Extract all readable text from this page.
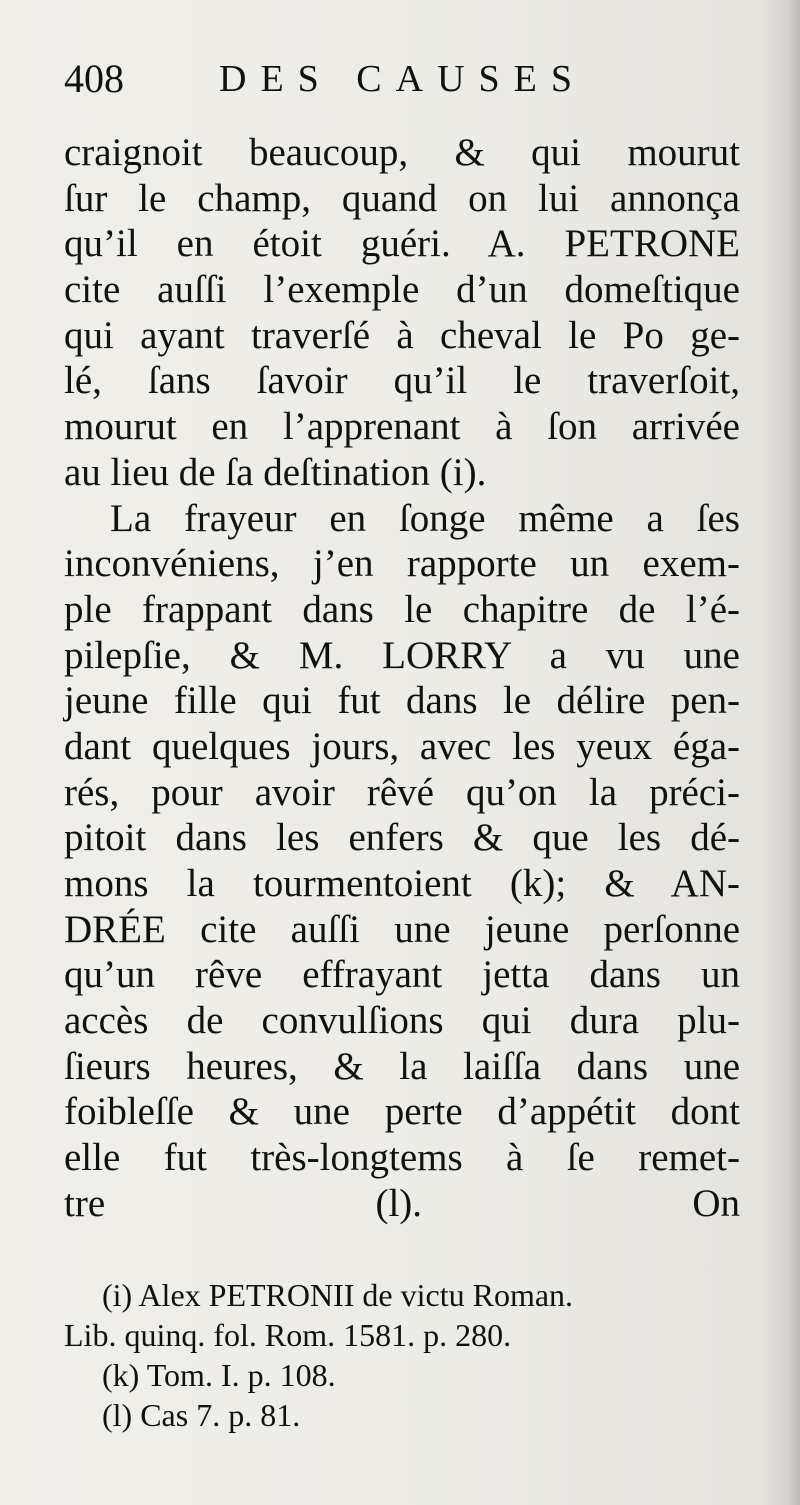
408	DES CAUSES
craignoit beaucoup, & qui mourut
ſur le champ, quand on lui annonça
qu’il en étoit guéri. A. PETRONE
cite auſſi l’exemple d’un domeſtique
qui ayant traverſé à cheval le Po ge-
lé, ſans ſavoir qu’il le traverſoit,
mourut en l’apprenant à ſon arrivée
au lieu de ſa deſtination (i).
La frayeur en ſonge même a ſes
inconvéniens, j’en rapporte un exem-
ple frappant dans le chapitre de l’é-
pilepſie, & M. LORRY a vu une
jeune fille qui fut dans le délire pen-
dant quelques jours, avec les yeux éga-
rés, pour avoir rêvé qu’on la préci-
pitoit dans les enfers & que les dé-
mons la tourmentoient (k); & AN-
DRÉE cite auſſi une jeune perſonne
qu’un rêve effrayant jetta dans un
accès de convulſions qui dura plu-
ſieurs heures, & la laiſſa dans une
foibleſſe & une perte d’appétit dont
elle fut très-longtems à ſe remet-
tre (l). On
(i) Alex PETRONII de victu Roman.
Lib. quinq. fol. Rom. 1581. p. 280.
(k) Tom. I. p. 108.
(l) Cas 7. p. 81.
